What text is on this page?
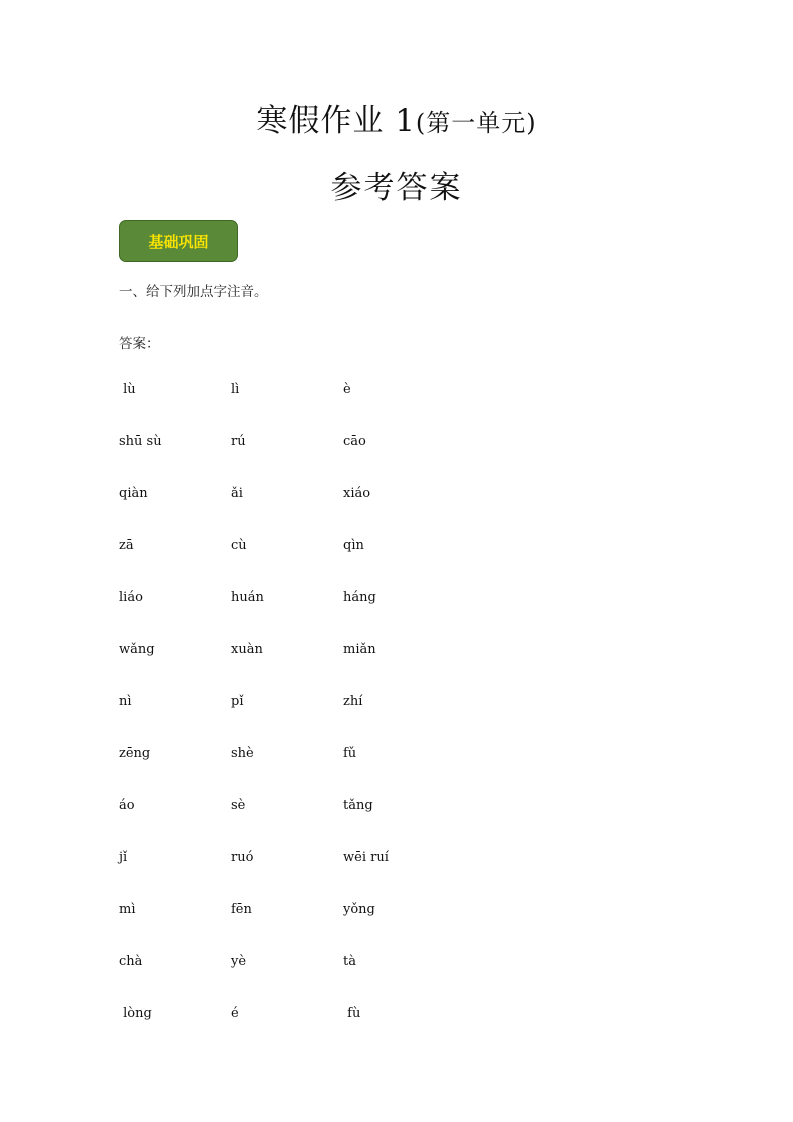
寒假作业 1(第一单元)
参考答案
基础巩固
一、给下列加点字注音。
答案：
lù	lì	è
shū sù	rú	cāo
qiàn	ǎi	xiáo
zā	cù	qìn
liáo	huán	háng
wǎng	xuàn	miǎn
nì	pǐ	zhí
zēng	shè	fǔ
áo	sè	tǎng
jǐ	ruó	wēi ruí
mì	fēn	yǒng
chà	yè	tà
lòng	é	fù
